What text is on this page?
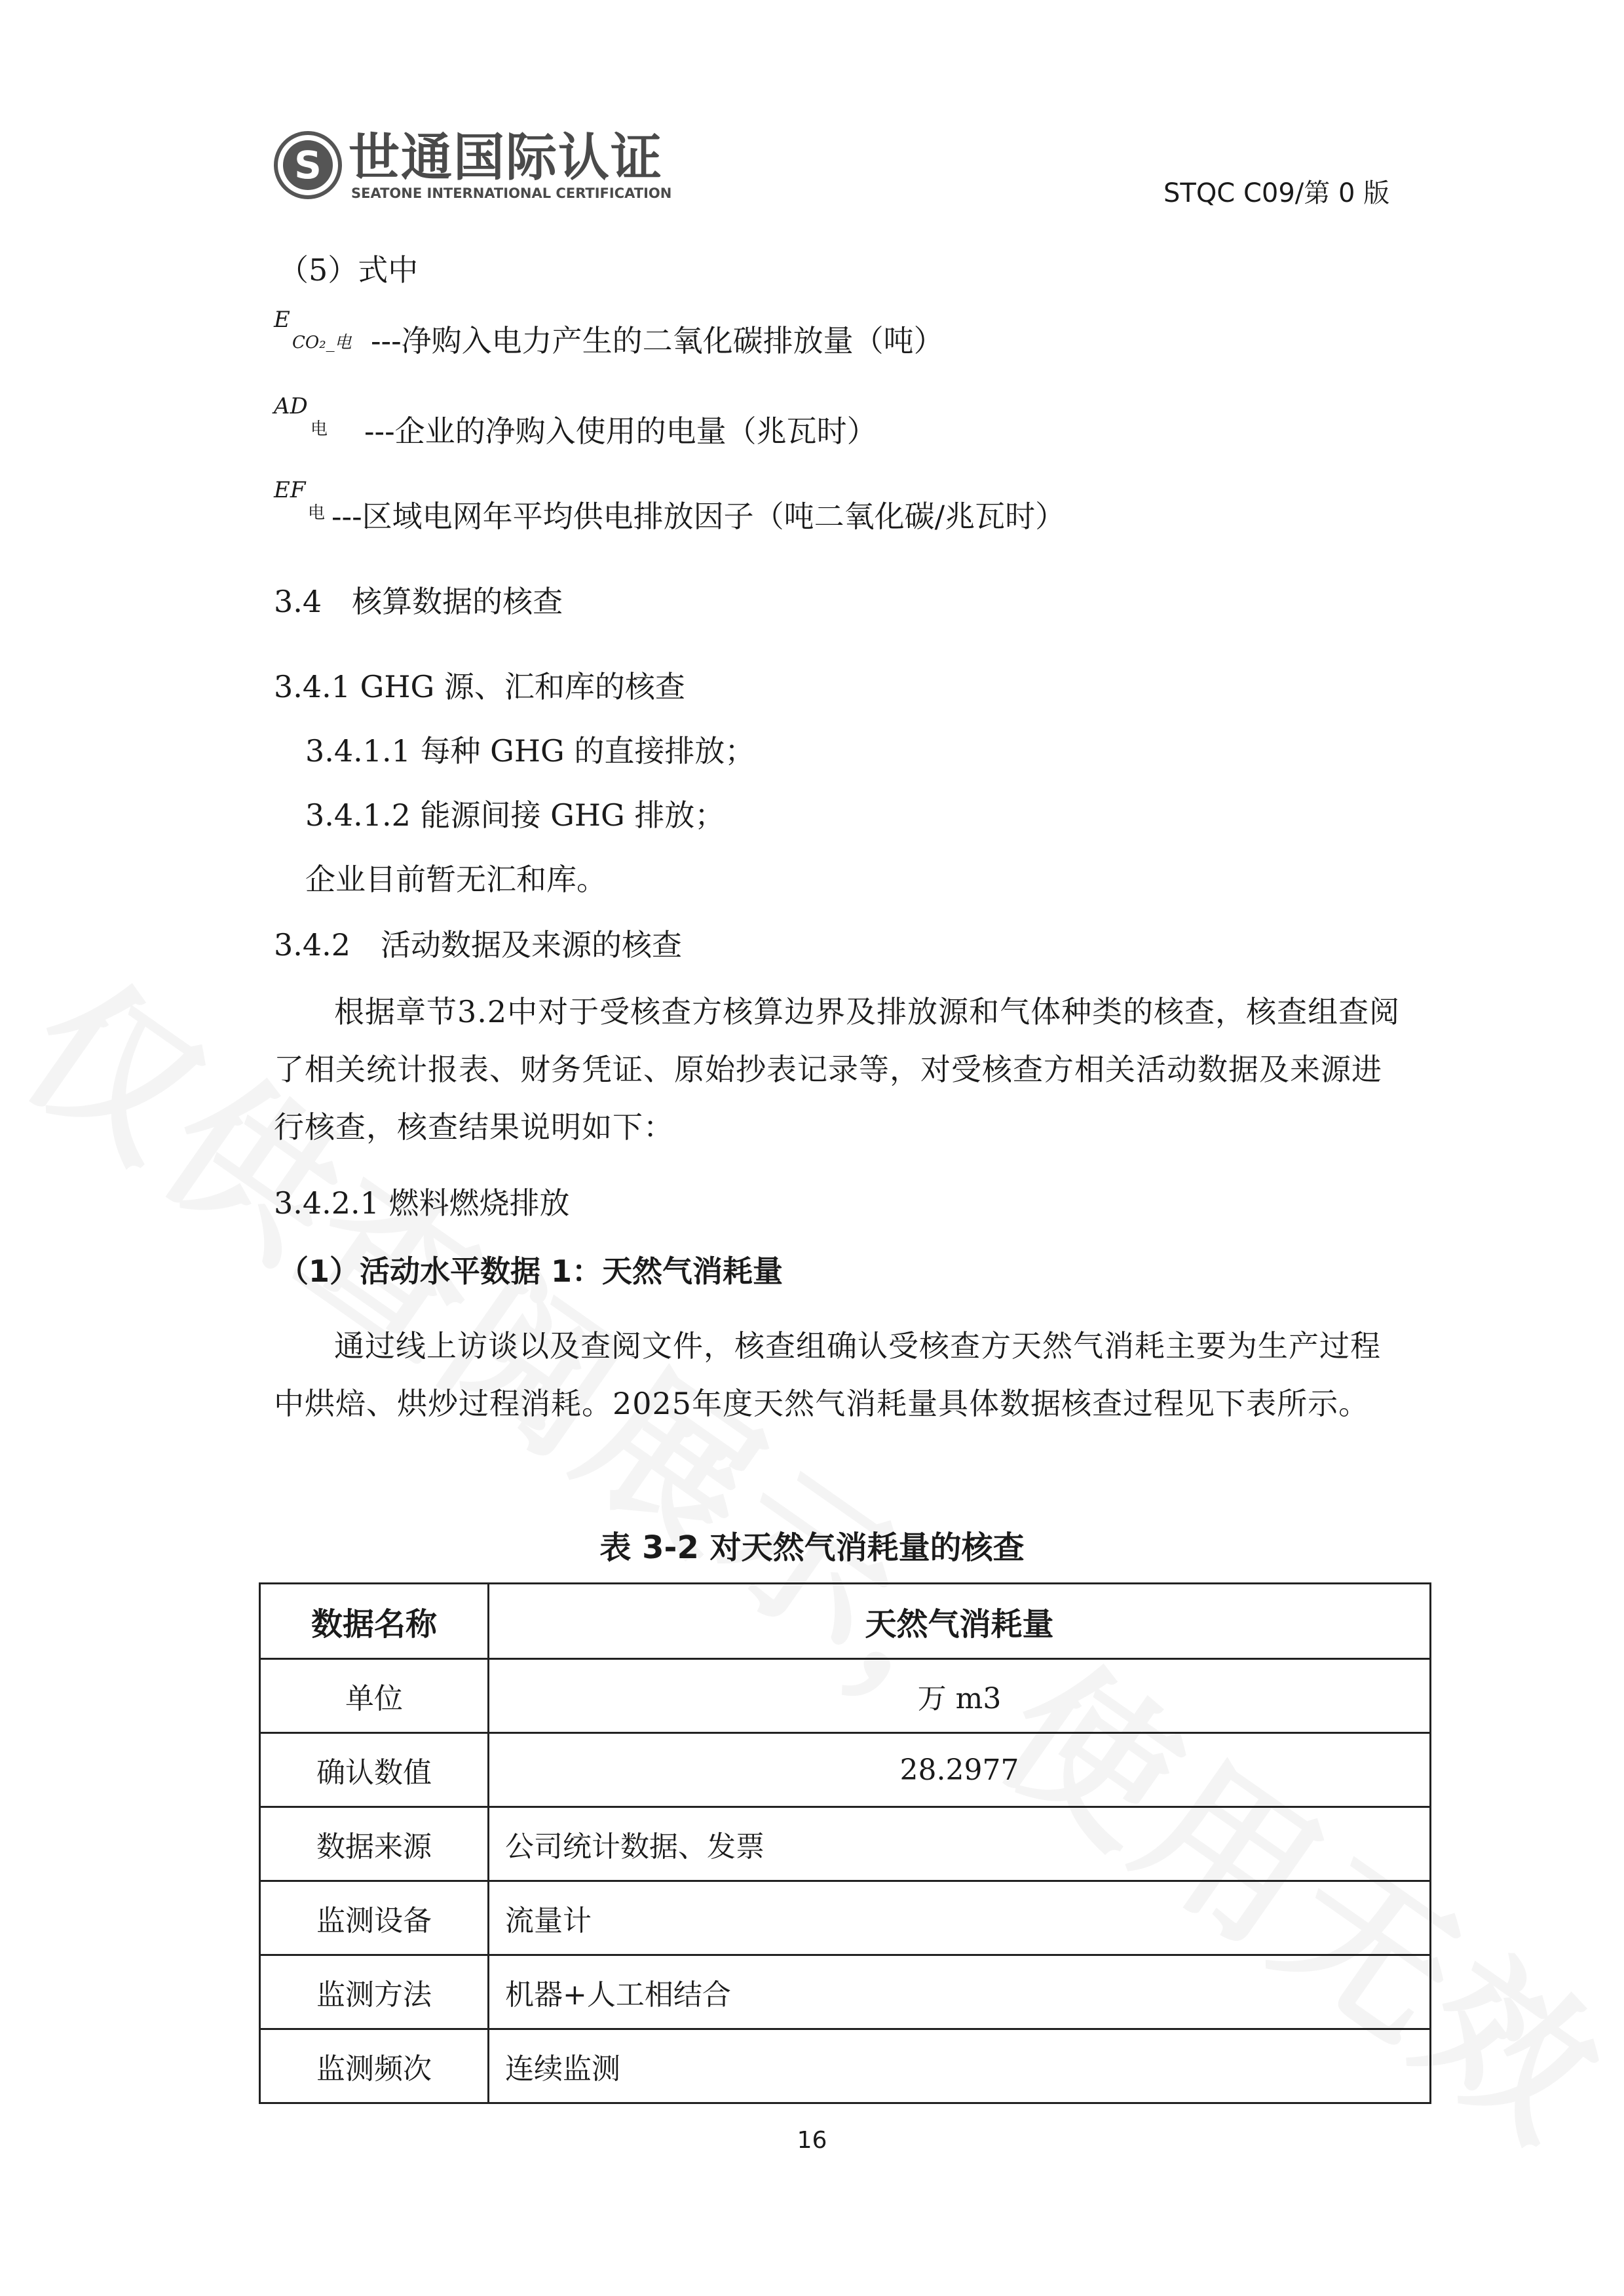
S 世通国际认证
SEATONE INTERNATIONAL CERTIFICATION	STQC C09/第 0 版
（5）式中
E
CO₂_电 ---净购入电力产生的二氧化碳排放量（吨）
AD
电 ---企业的净购入使用的电量（兆瓦时）
EF
电 ---区域电网年平均供电排放因子（吨二氧化碳/兆瓦时）
3.4　核算数据的核查
3.4.1 GHG 源、汇和库的核查
3.4.1.1 每种 GHG 的直接排放；
3.4.1.2 能源间接 GHG 排放；
企业目前暂无汇和库。
3.4.2　活动数据及来源的核查

根据章节3.2中对于受核查方核算边界及排放源和气体种类的核查，核查组查阅了相关统计报表、财务凭证、原始抄表记录等，对受核查方相关活动数据及来源进行核查，核查结果说明如下：

3.4.2.1 燃料燃烧排放
（1）活动水平数据 1：天然气消耗量

通过线上访谈以及查阅文件，核查组确认受核查方天然气消耗主要为生产过程中烘焙、烘炒过程消耗。2025年度天然气消耗量具体数据核查过程见下表所示。

表 3-2 对天然气消耗量的核查
数据名称	天然气消耗量
单位	万 m3
确认数值	28.2977
数据来源	公司统计数据、发票
监测设备	流量计
监测方法	机器+人工相结合
监测频次	连续监测
16
